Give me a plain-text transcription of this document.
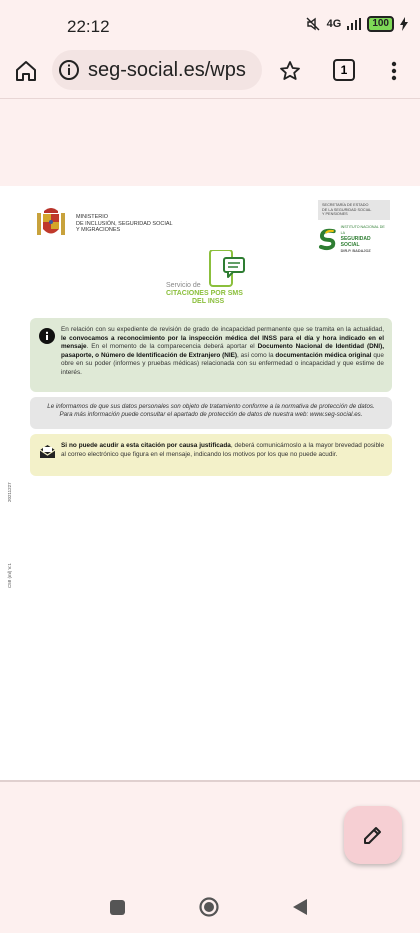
22:12	4G	100
seg-social.es/wps	1
MINISTERIO
DE INCLUSIÓN, SEGURIDAD SOCIAL
Y MIGRACIONES
SECRETARÍA DE ESTADO
DE LA SEGURIDAD SOCIAL
Y PENSIONES
INSTITUTO NACIONAL DE LA
SEGURIDAD SOCIAL
DIR.P. BADAJOZ
Servicio de
CITACIONES POR SMS
DEL INSS
En relación con su expediente de revisión de grado de incapacidad permanente que se tramita en la actualidad, le convocamos a reconocimiento por la inspección médica del INSS para el día y hora indicado en el mensaje. En el momento de la comparecencia deberá aportar el Documento Nacional de Identidad (DNI), pasaporte, o Número de Identificación de Extranjero (NIE), así como la documentación médica original que obre en su poder (informes y pruebas médicas) relacionada con su enfermedad o incapacidad y que estime de interés.
Le informamos de que sus datos personales son objeto de tratamiento conforme a la normativa de protección de datos.
Para más información puede consultar el apartado de protección de datos de nuestra web: www.seg-social.es.
Si no puede acudir a esta citación por causa justificada, deberá comunicárnoslo a la mayor brevedad posible al correo electrónico que figura en el mensaje, indicando los motivos por los que no puede acudir.
20211227
C58 (ml) V.1
